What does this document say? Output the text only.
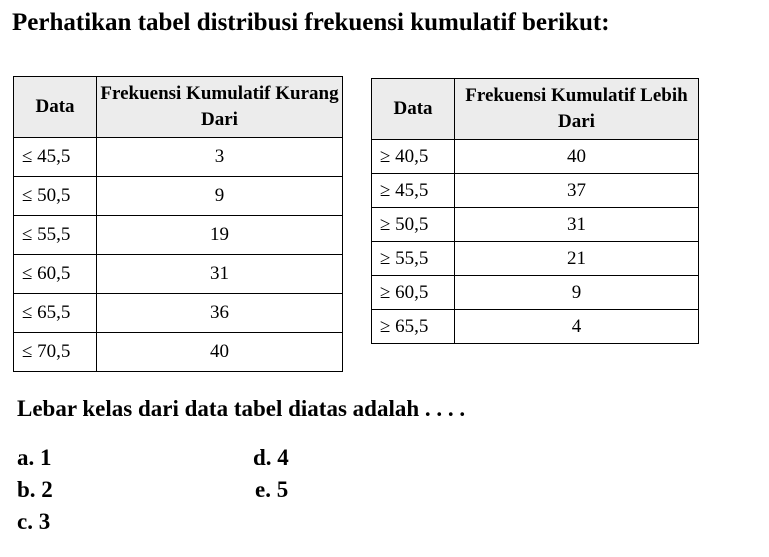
Perhatikan tabel distribusi frekuensi kumulatif berikut:
Data	Frekuensi Kumulatif Kurang Dari
≤ 45,5	3
≤ 50,5	9
≤ 55,5	19
≤ 60,5	31
≤ 65,5	36
≤ 70,5	40
Data	Frekuensi Kumulatif Lebih Dari
≥ 40,5	40
≥ 45,5	37
≥ 50,5	31
≥ 55,5	21
≥ 60,5	9
≥ 65,5	4
Lebar kelas dari data tabel diatas adalah . . . .
a. 1
b. 2
c. 3
d. 4
e. 5
